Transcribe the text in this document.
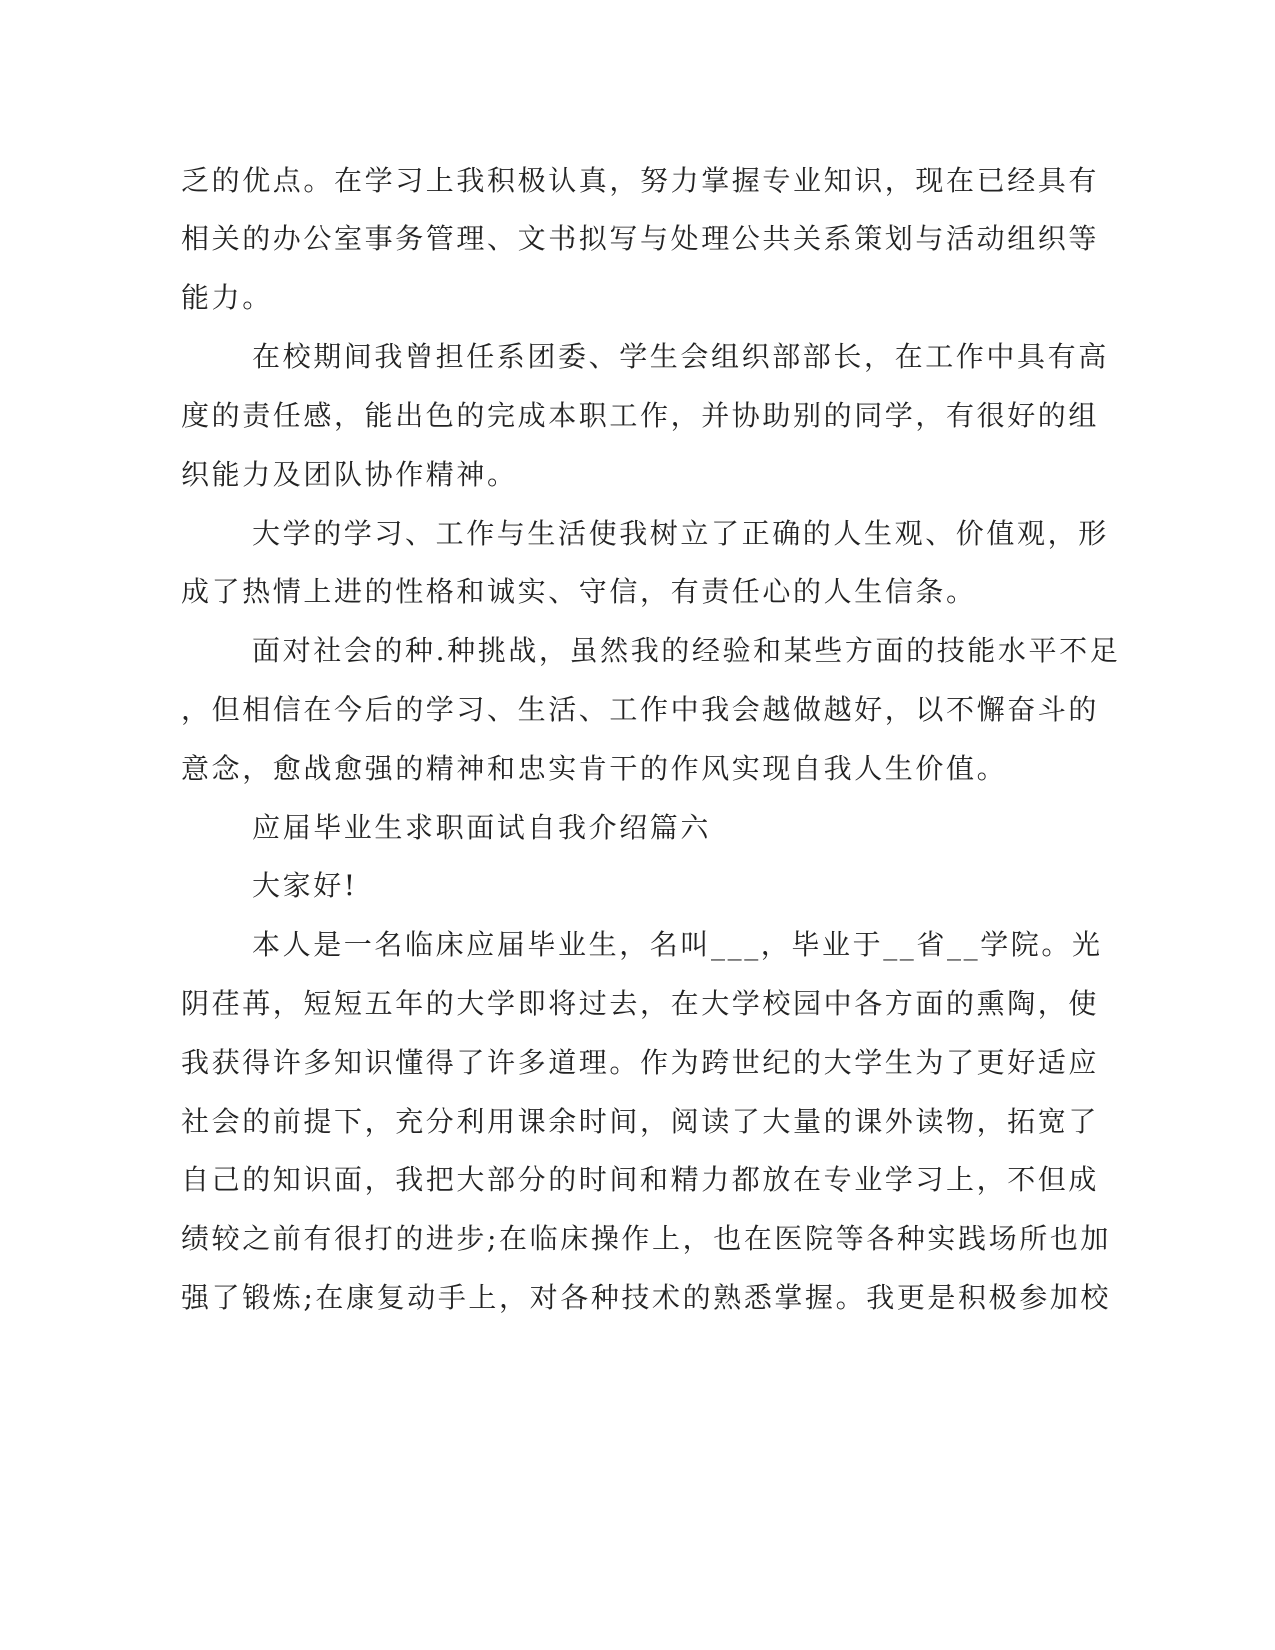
乏的优点。在学习上我积极认真，努力掌握专业知识，现在已经具有
相关的办公室事务管理、文书拟写与处理公共关系策划与活动组织等
能力。
在校期间我曾担任系团委、学生会组织部部长，在工作中具有高
度的责任感，能出色的完成本职工作，并协助别的同学，有很好的组
织能力及团队协作精神。
大学的学习、工作与生活使我树立了正确的人生观、价值观，形
成了热情上进的性格和诚实、守信，有责任心的人生信条。
面对社会的种.种挑战，虽然我的经验和某些方面的技能水平不足
，但相信在今后的学习、生活、工作中我会越做越好，以不懈奋斗的
意念，愈战愈强的精神和忠实肯干的作风实现自我人生价值。
应届毕业生求职面试自我介绍篇六
大家好!
本人是一名临床应届毕业生，名叫___，毕业于__省__学院。光
阴荏苒，短短五年的大学即将过去，在大学校园中各方面的熏陶，使
我获得许多知识懂得了许多道理。作为跨世纪的大学生为了更好适应
社会的前提下，充分利用课余时间，阅读了大量的课外读物，拓宽了
自己的知识面，我把大部分的时间和精力都放在专业学习上，不但成
绩较之前有很打的进步;在临床操作上，也在医院等各种实践场所也加
强了锻炼;在康复动手上，对各种技术的熟悉掌握。我更是积极参加校
